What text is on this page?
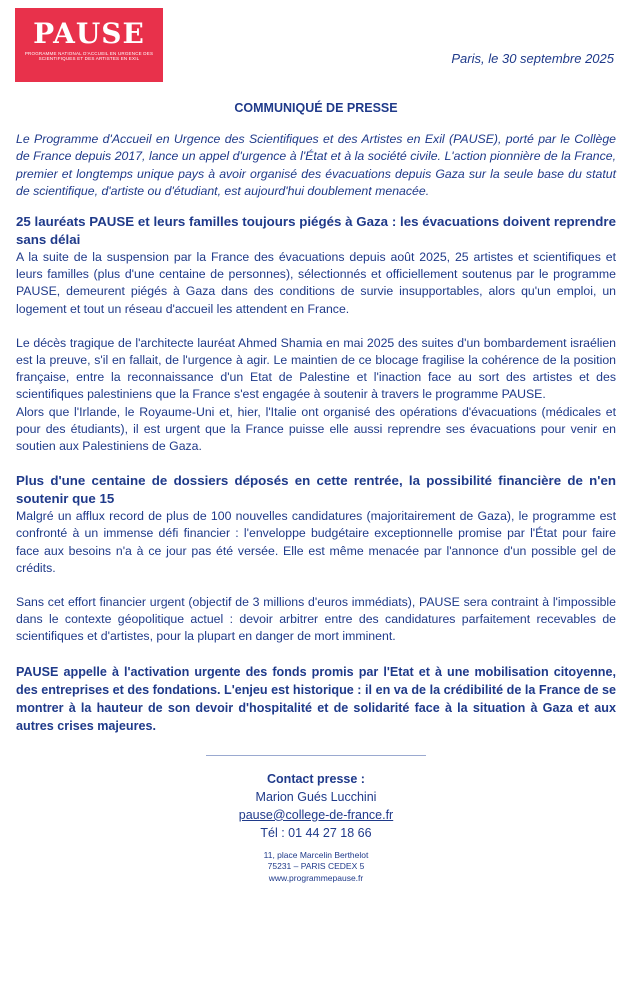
PAUSE
PROGRAMME NATIONAL D'ACCUEIL EN URGENCE DES SCIENTIFIQUES ET DES ARTISTES EN EXIL	Paris, le 30 septembre 2025
COMMUNIQUÉ DE PRESSE

Le Programme d'Accueil en Urgence des Scientifiques et des Artistes en Exil (PAUSE), porté par le Collège de France depuis 2017, lance un appel d'urgence à l'État et à la société civile. L'action pionnière de la France, premier et longtemps unique pays à avoir organisé des évacuations depuis Gaza sur la seule base du statut de scientifique, d'artiste ou d'étudiant, est aujourd'hui doublement menacée.

25 lauréats PAUSE et leurs familles toujours piégés à Gaza : les évacuations doivent reprendre sans délai

A la suite de la suspension par la France des évacuations depuis août 2025, 25 artistes et scientifiques et leurs familles (plus d'une centaine de personnes), sélectionnés et officiellement soutenus par le programme PAUSE, demeurent piégés à Gaza dans des conditions de survie insupportables, alors qu'un emploi, un logement et tout un réseau d'accueil les attendent en France.

Le décès tragique de l'architecte lauréat Ahmed Shamia en mai 2025 des suites d'un bombardement israélien est la preuve, s'il en fallait, de l'urgence à agir. Le maintien de ce blocage fragilise la cohérence de la position française, entre la reconnaissance d'un Etat de Palestine et l'inaction face au sort des artistes et des scientifiques palestiniens que la France s'est engagée à soutenir à travers le programme PAUSE.

Alors que l'Irlande, le Royaume-Uni et, hier, l'Italie ont organisé des opérations d'évacuations (médicales et pour des étudiants), il est urgent que la France puisse elle aussi reprendre ses évacuations pour venir en soutien aux Palestiniens de Gaza.

Plus d'une centaine de dossiers déposés en cette rentrée, la possibilité financière de n'en soutenir que 15

Malgré un afflux record de plus de 100 nouvelles candidatures (majoritairement de Gaza), le programme est confronté à un immense défi financier : l'enveloppe budgétaire exceptionnelle promise par l'État pour faire face aux besoins n'a à ce jour pas été versée. Elle est même menacée par l'annonce d'un possible gel de crédits.

Sans cet effort financier urgent (objectif de 3 millions d'euros immédiats), PAUSE sera contraint à l'impossible dans le contexte géopolitique actuel : devoir arbitrer entre des candidatures parfaitement recevables de scientifiques et d'artistes, pour la plupart en danger de mort imminent.

PAUSE appelle à l'activation urgente des fonds promis par l'Etat et à une mobilisation citoyenne, des entreprises et des fondations. L'enjeu est historique : il en va de la crédibilité de la France de se montrer à la hauteur de son devoir d'hospitalité et de solidarité face à la situation à Gaza et aux autres crises majeures.

Contact presse :
Marion Gués Lucchini
pause@college-de-france.fr
Tél : 01 44 27 18 66
11, place Marcelin Berthelot
75231 – PARIS CEDEX 5
www.programmepause.fr
